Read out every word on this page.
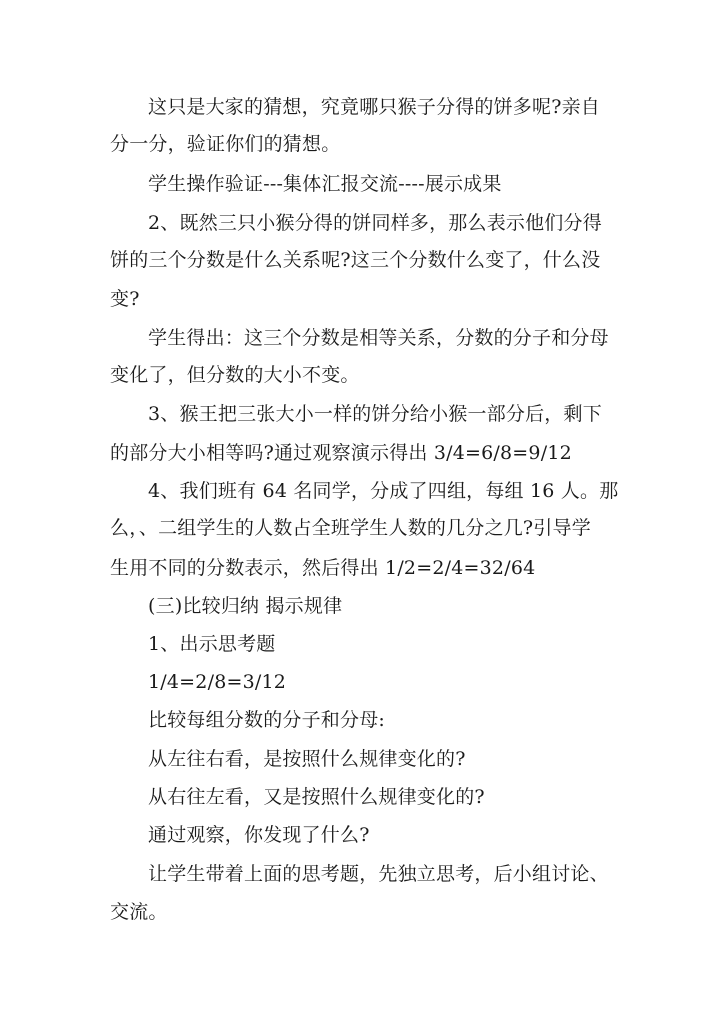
这只是大家的猜想，究竟哪只猴子分得的饼多呢?亲自
分一分，验证你们的猜想。
学生操作验证---集体汇报交流----展示成果
2、既然三只小猴分得的饼同样多，那么表示他们分得
饼的三个分数是什么关系呢?这三个分数什么变了，什么没
变?
学生得出：这三个分数是相等关系，分数的分子和分母
变化了，但分数的大小不变。
3、猴王把三张大小一样的饼分给小猴一部分后，剩下
的部分大小相等吗?通过观察演示得出 3/4=6/8=9/12
4、我们班有 64 名同学，分成了四组，每组 16 人。那
么，、二组学生的人数占全班学生人数的几分之几?引导学
生用不同的分数表示，然后得出 1/2=2/4=32/64
(三)比较归纳 揭示规律
1、出示思考题
1/4=2/8=3/12
比较每组分数的分子和分母:
从左往右看，是按照什么规律变化的?
从右往左看，又是按照什么规律变化的?
通过观察，你发现了什么?
让学生带着上面的思考题，先独立思考，后小组讨论、
交流。
